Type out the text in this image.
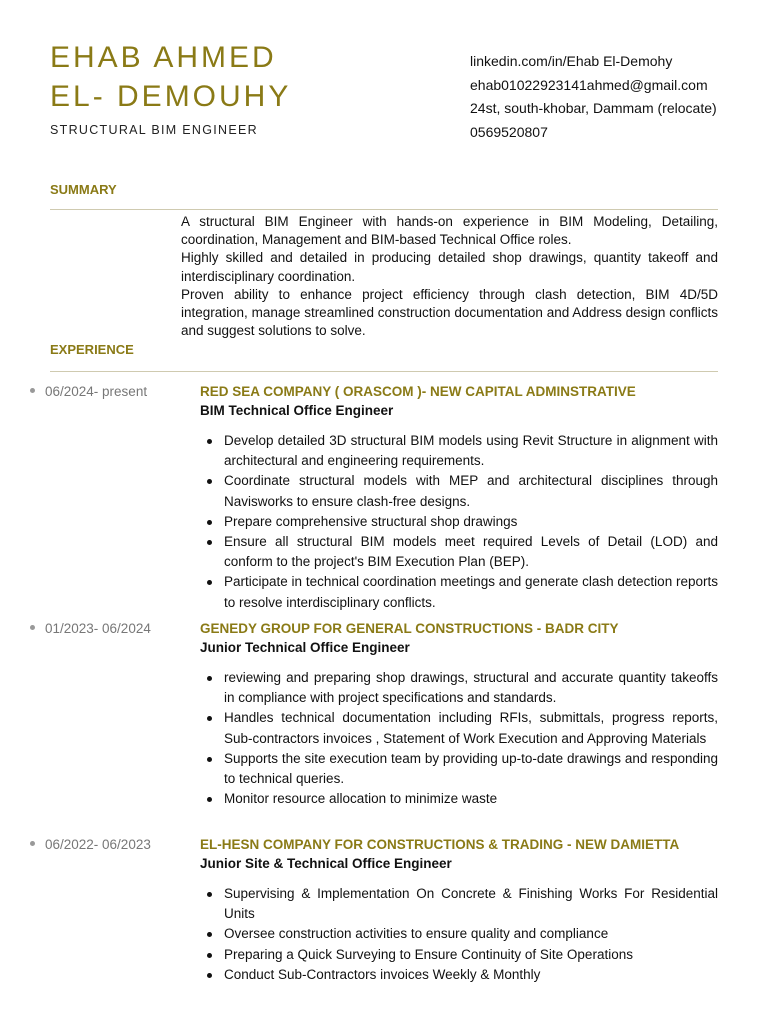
EHAB AHMED
EL- DEMOUHY
STRUCTURAL BIM ENGINEER
linkedin.com/in/Ehab El-Demohy
ehab01022923141ahmed@gmail.com
24st, south-khobar, Dammam (relocate)
0569520807
SUMMARY

A structural BIM Engineer with hands-on experience in BIM Modeling, Detailing, coordination, Management and BIM-based Technical Office roles.

Highly skilled and detailed in producing detailed shop drawings, quantity takeoff and interdisciplinary coordination.

Proven ability to enhance project efficiency through clash detection, BIM 4D/5D integration, manage streamlined construction documentation and Address design conflicts and suggest solutions to solve.

EXPERIENCE
06/2024- present	RED SEA COMPANY ( ORASCOM )- NEW CAPITAL ADMINSTRATIVE
BIM Technical Office Engineer
Develop detailed 3D structural BIM models using Revit Structure in alignment with architectural and engineering requirements.
Coordinate structural models with MEP and architectural disciplines through Navisworks to ensure clash-free designs.
Prepare comprehensive structural shop drawings
Ensure all structural BIM models meet required Levels of Detail (LOD) and conform to the project's BIM Execution Plan (BEP).
Participate in technical coordination meetings and generate clash detection reports to resolve interdisciplinary conflicts.
01/2023- 06/2024	GENEDY GROUP FOR GENERAL CONSTRUCTIONS - BADR CITY
Junior Technical Office Engineer
reviewing and preparing shop drawings, structural and accurate quantity takeoffs in compliance with project specifications and standards.
Handles technical documentation including RFIs, submittals, progress reports, Sub-contractors invoices , Statement of Work Execution and Approving Materials
Supports the site execution team by providing up-to-date drawings and responding to technical queries.
Monitor resource allocation to minimize waste
06/2022- 06/2023	EL-HESN COMPANY FOR CONSTRUCTIONS & TRADING - NEW DAMIETTA
Junior Site & Technical Office Engineer
Supervising & Implementation On Concrete & Finishing Works For Residential Units
Oversee construction activities to ensure quality and compliance
Preparing a Quick Surveying to Ensure Continuity of Site Operations
Conduct Sub-Contractors invoices Weekly & Monthly
